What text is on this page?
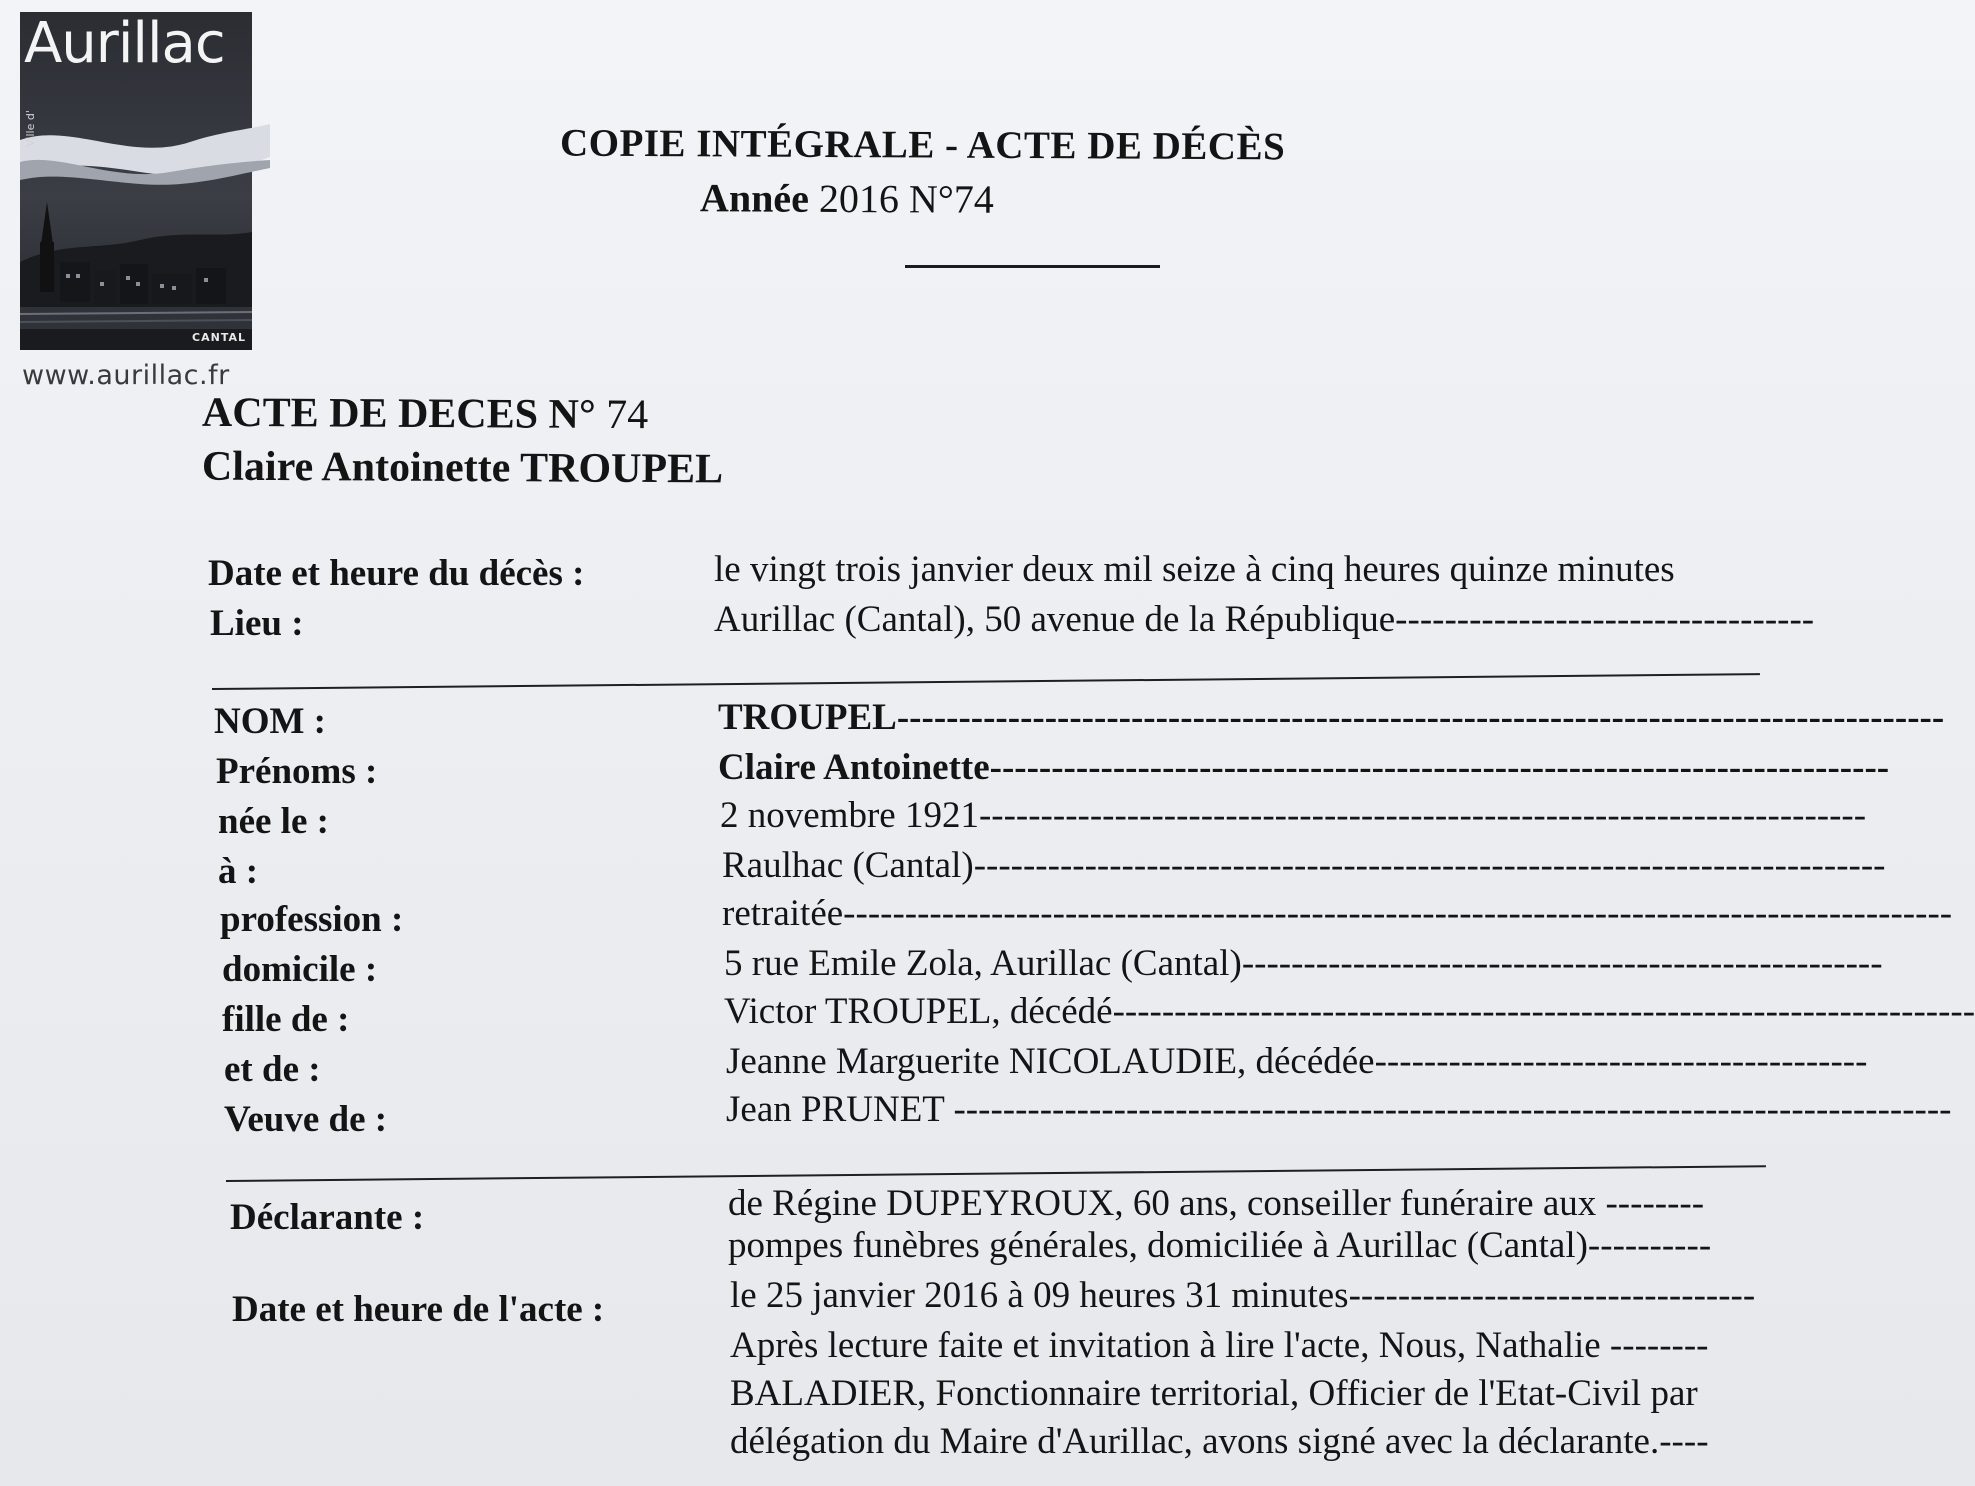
Aurillac
Ville d'
CANTAL
www.aurillac.fr
COPIE INTÉGRALE - ACTE DE DÉCÈS
Année 2016 N°74
ACTE DE DECES N° 74
Claire Antoinette TROUPEL
Date et heure du décès :	le vingt trois janvier deux mil seize à cinq heures quinze minutes
Lieu :	Aurillac (Cantal), 50 avenue de la République----------------------------------
NOM :	TROUPEL-------------------------------------------------------------------------------------
Prénoms :	Claire Antoinette-------------------------------------------------------------------------
née le :	2 novembre 1921------------------------------------------------------------------------
à :	Raulhac (Cantal)--------------------------------------------------------------------------
profession :	retraitée------------------------------------------------------------------------------------------
domicile :	5 rue Emile Zola, Aurillac (Cantal)----------------------------------------------------
fille de :	Victor TROUPEL, décédé----------------------------------------------------------------------
et de :	Jeanne Marguerite NICOLAUDIE, décédée----------------------------------------
Veuve de :	Jean PRUNET ---------------------------------------------------------------------------------
Déclarante :	de Régine DUPEYROUX, 60 ans, conseiller funéraire aux --------
pompes funèbres générales, domiciliée à Aurillac (Cantal)----------
Date et heure de l'acte :	le 25 janvier 2016 à 09 heures 31 minutes---------------------------------
Après lecture faite et invitation à lire l'acte, Nous, Nathalie --------
BALADIER, Fonctionnaire territorial, Officier de l'Etat-Civil par
délégation du Maire d'Aurillac, avons signé avec la déclarante.----
